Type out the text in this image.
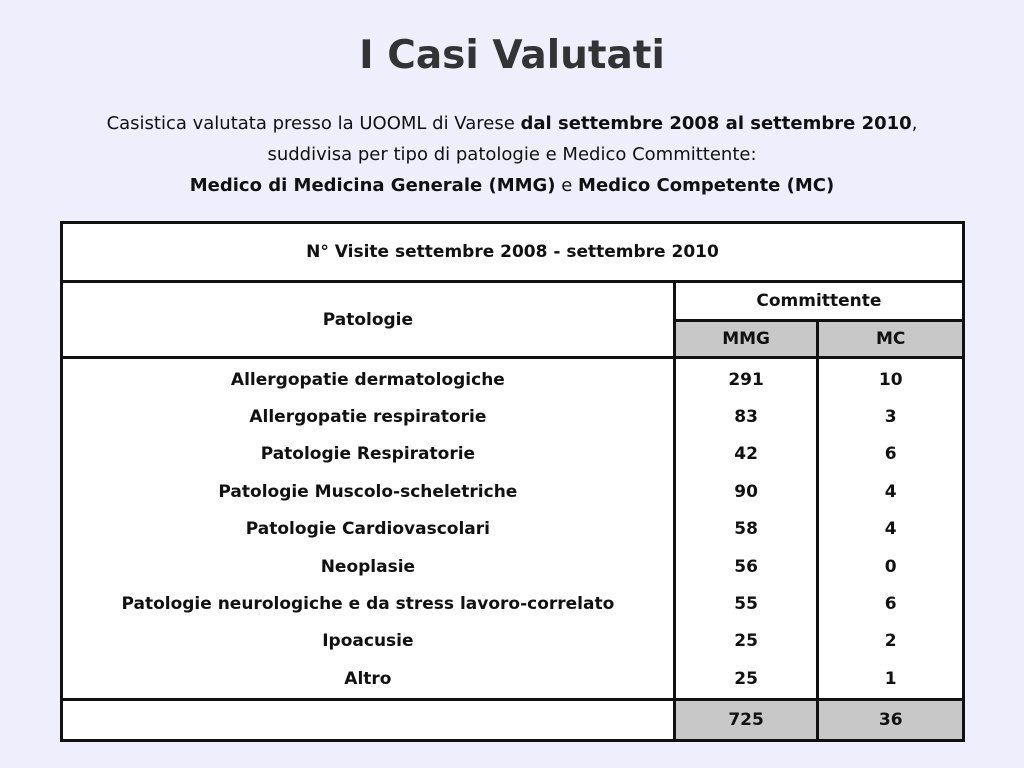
I Casi Valutati
Casistica valutata presso la UOOML di Varese dal settembre 2008 al settembre 2010,
suddivisa per tipo di patologie e Medico Committente:
Medico di Medicina Generale (MMG) e Medico Competente (MC)
N° Visite settembre 2008 - settembre 2010		
Patologie	Committente	
	MMG	MC
Allergopatie dermatologiche	291	10
Allergopatie respiratorie	83	3
Patologie Respiratorie	42	6
Patologie Muscolo-scheletriche	90	4
Patologie Cardiovascolari	58	4
Neoplasie	56	0
Patologie neurologiche e da stress lavoro-correlato	55	6
Ipoacusie	25	2
Altro	25	1
	725	36
